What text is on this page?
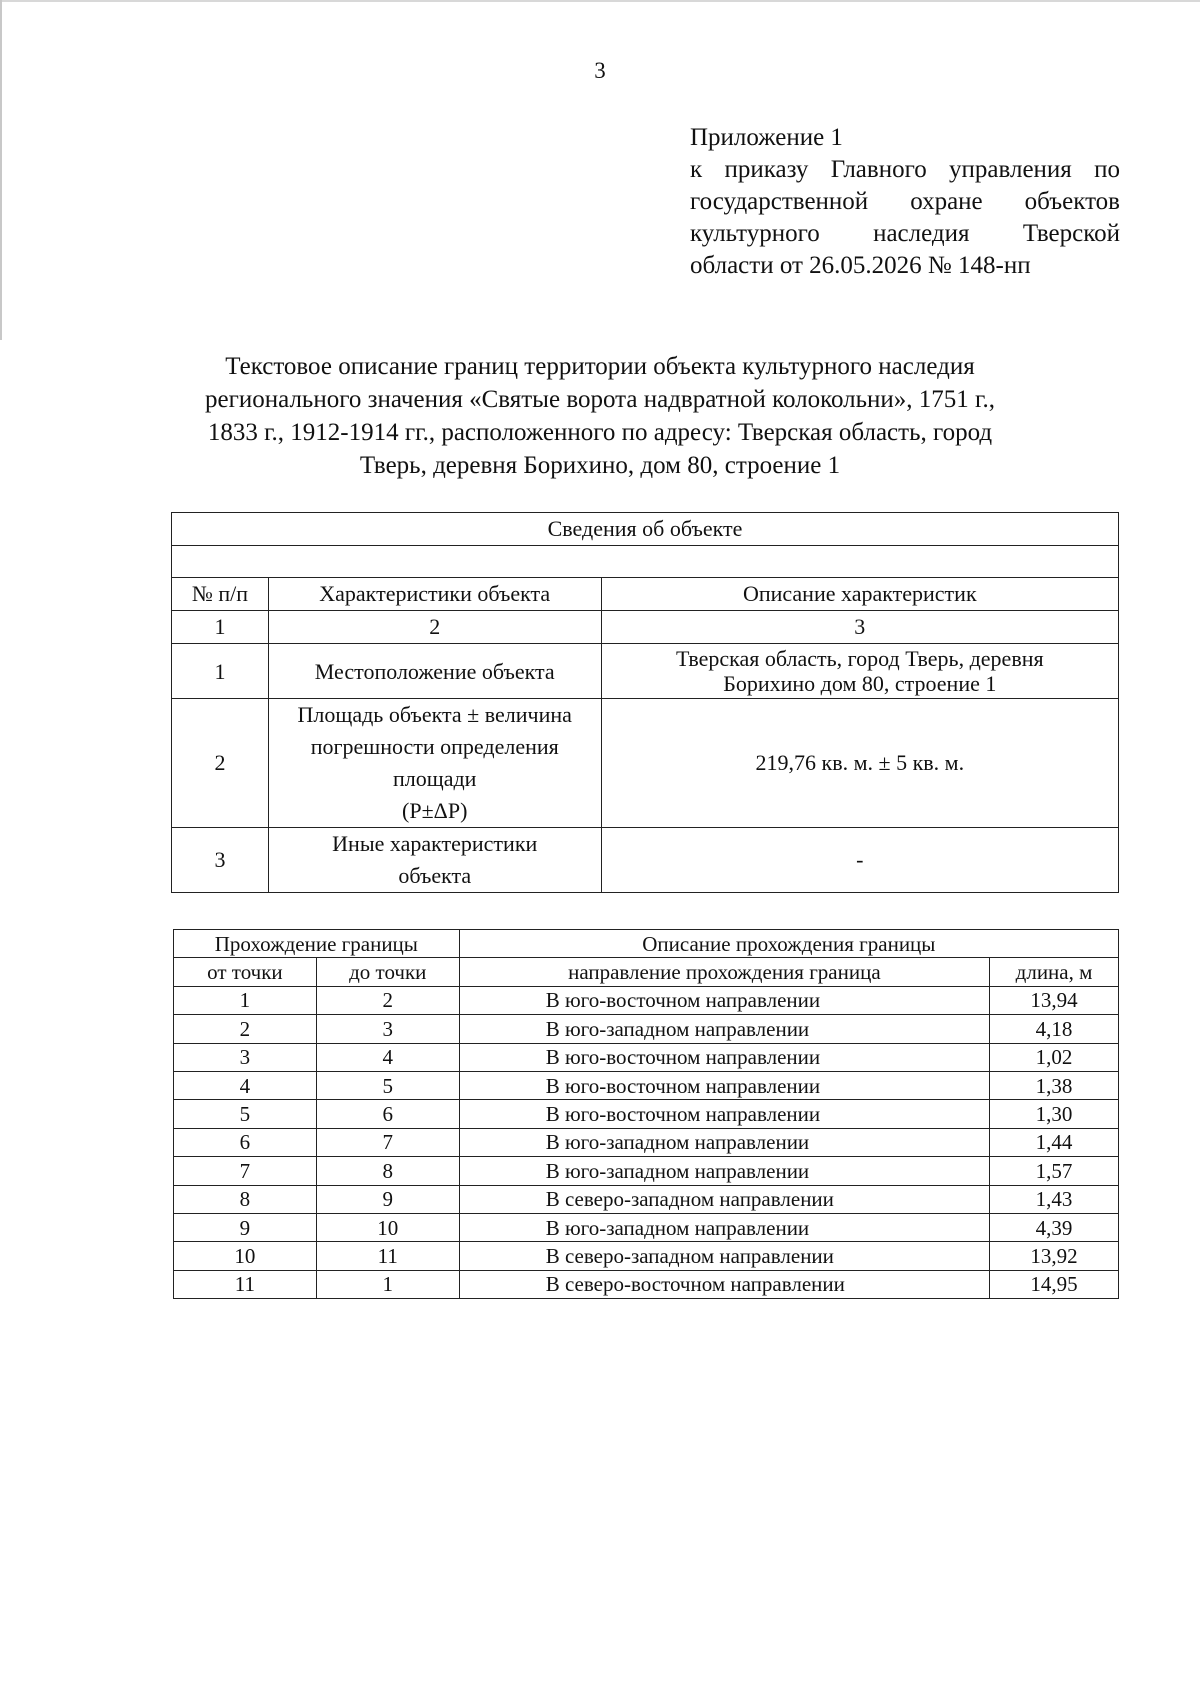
3
Приложение 1
к приказу Главного управления по
государственной охране объектов
культурного наследия Тверской
области от 26.05.2026 № 148-нп
Текстовое описание границ территории объекта культурного наследия
регионального значения «Святые ворота надвратной колокольни», 1751 г.,
1833 г., 1912-1914 гг., расположенного по адресу: Тверская область, город
Тверь, деревня Борихино, дом 80, строение 1
Сведения об объекте		

№ п/п	Характеристики объекта	Описание характеристик
1	2	3
1	Местоположение объекта	Тверская область, город Тверь, деревня
Борихино дом 80, строение 1
2	Площадь объекта ± величина
погрешности определения
площади
(P±ΔP)	219,76 кв. м. ± 5 кв. м.
3	Иные характеристики
объекта	-
Прохождение границы		Описание прохождения границы	
от точки	до точки	направление прохождения граница	длина, м
1	2	В юго-восточном направлении	13,94
2	3	В юго-западном направлении	4,18
3	4	В юго-восточном направлении	1,02
4	5	В юго-восточном направлении	1,38
5	6	В юго-восточном направлении	1,30
6	7	В юго-западном направлении	1,44
7	8	В юго-западном направлении	1,57
8	9	В северо-западном направлении	1,43
9	10	В юго-западном направлении	4,39
10	11	В северо-западном направлении	13,92
11	1	В северо-восточном направлении	14,95
